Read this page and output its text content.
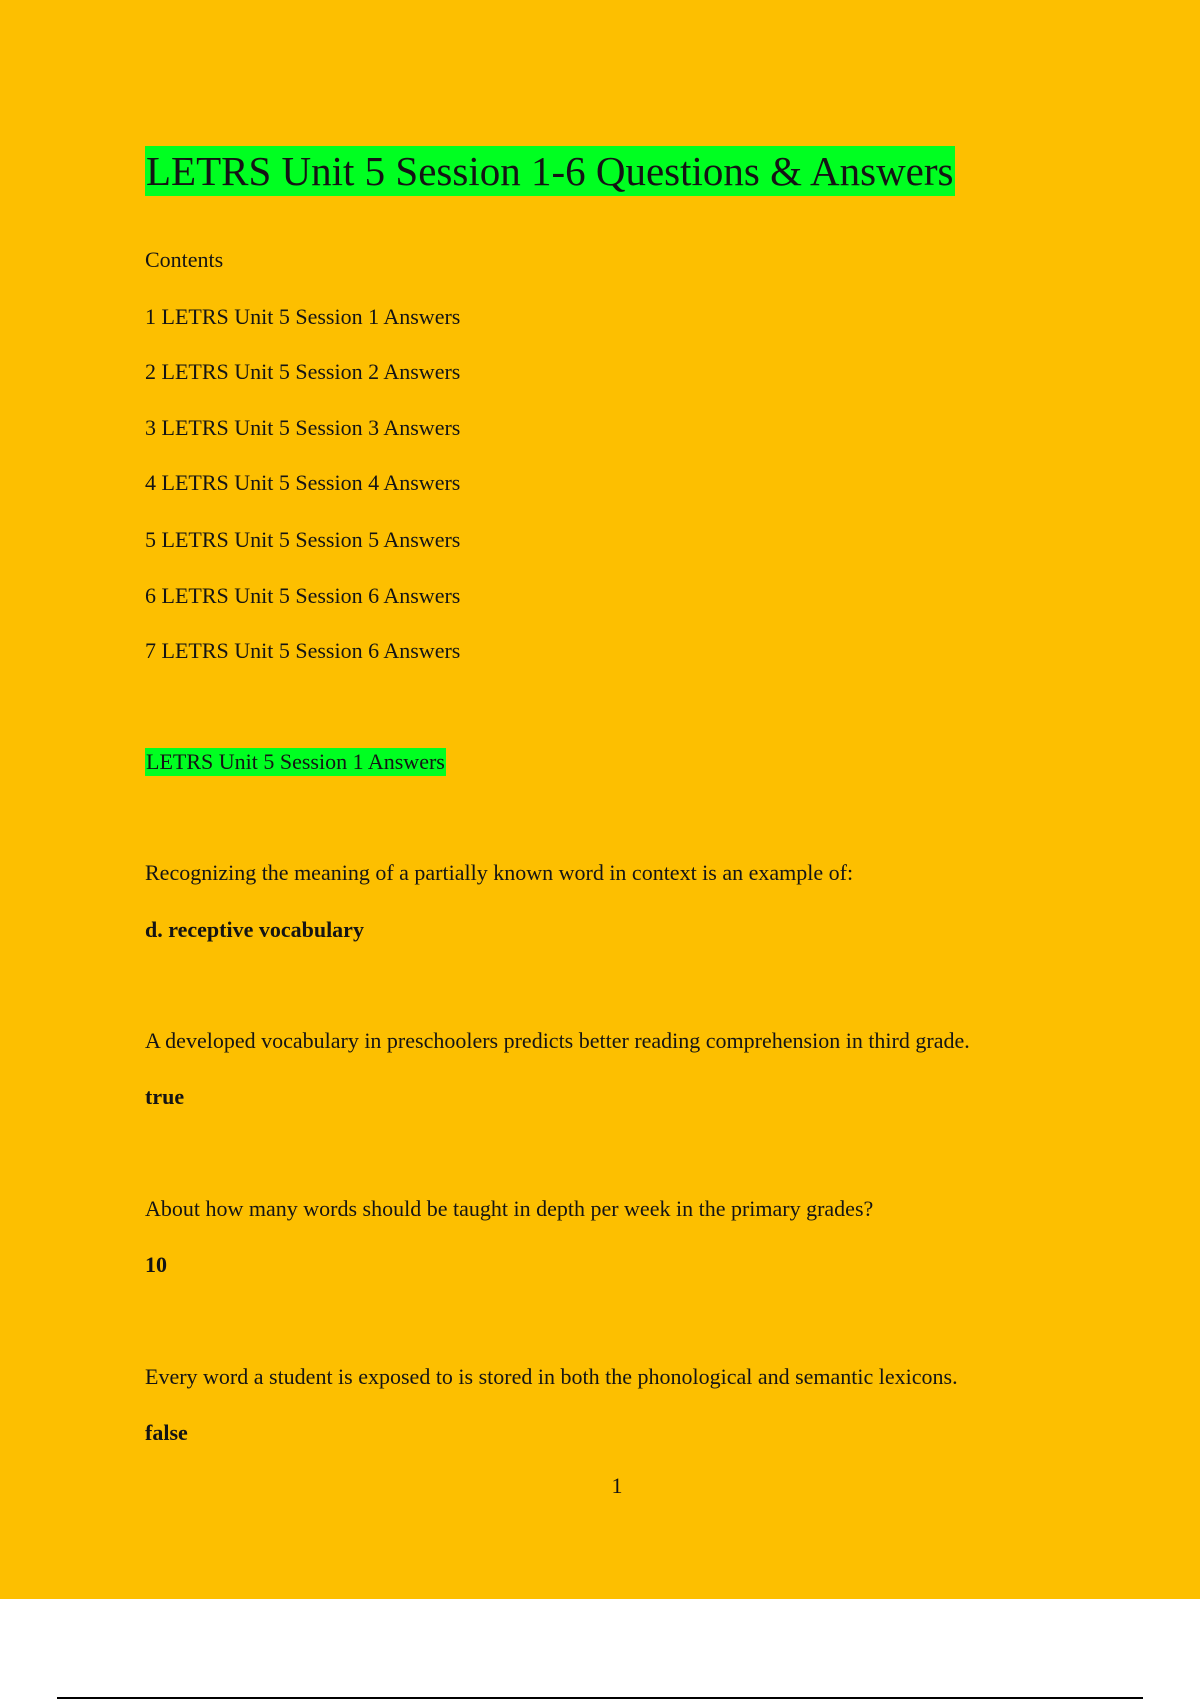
LETRS Unit 5 Session 1-6 Questions & Answers
Contents
1 LETRS Unit 5 Session 1 Answers
2 LETRS Unit 5 Session 2 Answers
3 LETRS Unit 5 Session 3 Answers
4 LETRS Unit 5 Session 4 Answers
5 LETRS Unit 5 Session 5 Answers
6 LETRS Unit 5 Session 6 Answers
7 LETRS Unit 5 Session 6 Answers
LETRS Unit 5 Session 1 Answers
Recognizing the meaning of a partially known word in context is an example of:
d. receptive vocabulary
A developed vocabulary in preschoolers predicts better reading comprehension in third grade.
true
About how many words should be taught in depth per week in the primary grades?
10
Every word a student is exposed to is stored in both the phonological and semantic lexicons.
false
1
